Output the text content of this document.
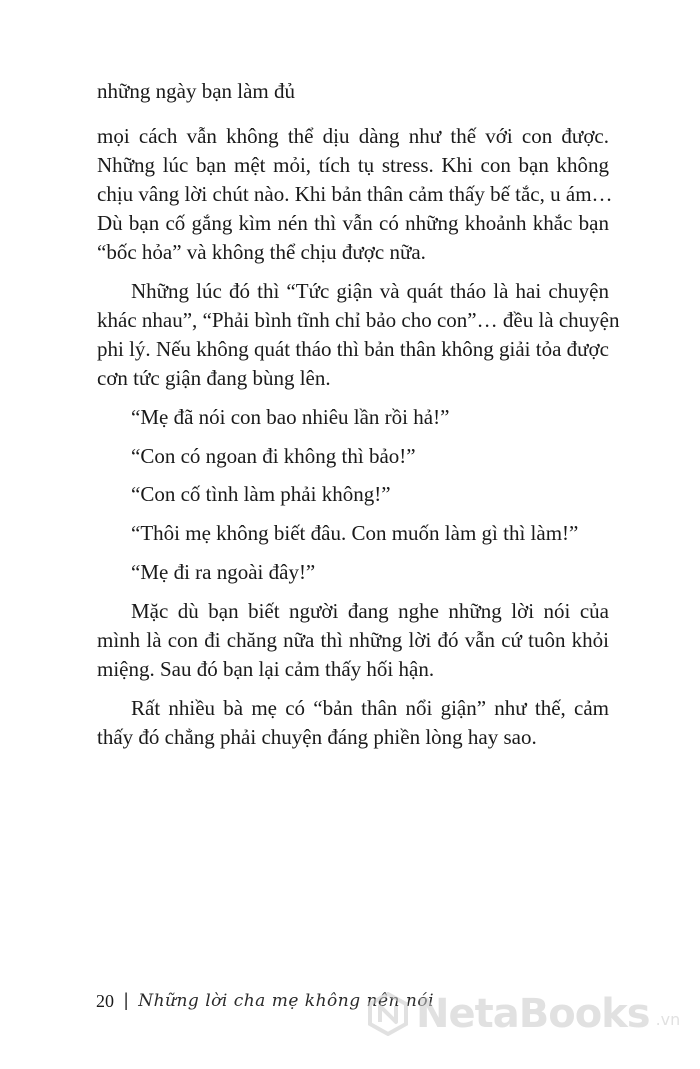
những ngày bạn làm đủ
mọi cách vẫn không thể dịu dàng như thế với con được.
Những lúc bạn mệt mỏi, tích tụ stress. Khi con bạn không
chịu vâng lời chút nào. Khi bản thân cảm thấy bế tắc, u ám…
Dù bạn cố gắng kìm nén thì vẫn có những khoảnh khắc bạn
“bốc hỏa” và không thể chịu được nữa.
Những lúc đó thì “Tức giận và quát tháo là hai chuyện
khác nhau”, “Phải bình tĩnh chỉ bảo cho con”… đều là chuyện
phi lý. Nếu không quát tháo thì bản thân không giải tỏa được
cơn tức giận đang bùng lên.
“Mẹ đã nói con bao nhiêu lần rồi hả!”
“Con có ngoan đi không thì bảo!”
“Con cố tình làm phải không!”
“Thôi mẹ không biết đâu. Con muốn làm gì thì làm!”
“Mẹ đi ra ngoài đây!”
Mặc dù bạn biết người đang nghe những lời nói của
mình là con đi chăng nữa thì những lời đó vẫn cứ tuôn khỏi
miệng. Sau đó bạn lại cảm thấy hối hận.
Rất nhiều bà mẹ có “bản thân nổi giận” như thế, cảm
thấy đó chẳng phải chuyện đáng phiền lòng hay sao.
20 | Những lời cha mẹ không nên nói
NetaBooks .vn
